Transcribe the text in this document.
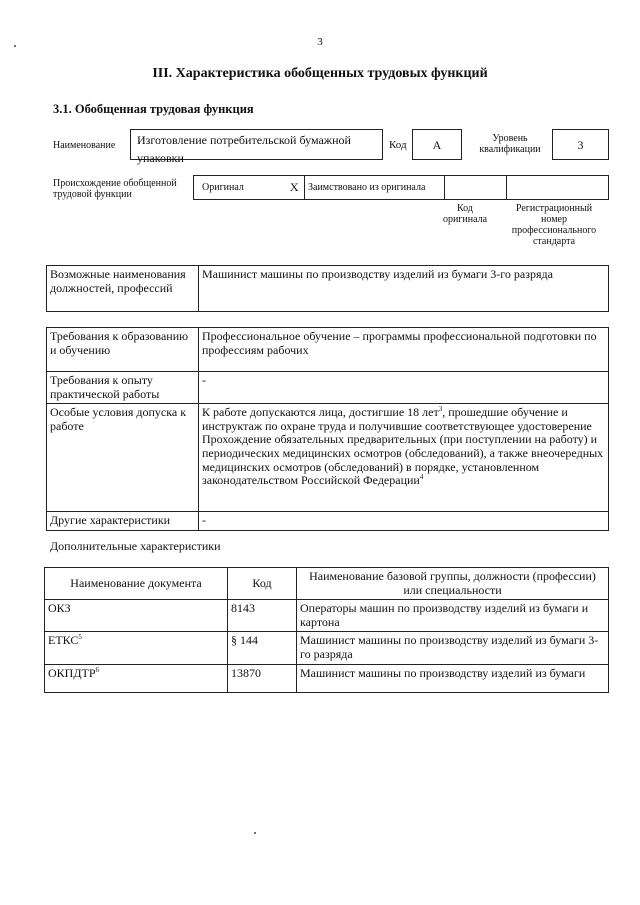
3
III. Характеристика обобщенных трудовых функций
3.1. Обобщенная трудовая функция
Наименование	Изготовление потребительской бумажной упаковки
Код	A	Уровень
квалификации	3
Происхождение обобщенной
трудовой функции
Оригинал	X	Заимствовано из оригинала		
Код
оригинала
Регистрационный
номер
профессионального
стандарта
Возможные наименования должностей, профессий	Машинист машины по производству изделий из бумаги 3-го разряда
Требования к образованию и обучению	Профессиональное обучение – программы профессиональной подготовки по профессиям рабочих
Требования к опыту практической работы	-
Особые условия допуска к работе	К работе допускаются лица, достигшие 18 лет$^3$, прошедшие обучение и инструктаж по охране труда и получившие соответствующее удостоверение
Прохождение обязательных предварительных (при поступлении на работу) и периодических медицинских осмотров (обследований), а также внеочередных медицинских осмотров (обследований) в порядке, установленном законодательством Российской Федерации$^4$

Другие характеристики	-
Дополнительные характеристики
Наименование документа	Код	Наименование базовой группы, должности (профессии) или специальности
ОКЗ	8143	Операторы машин по производству изделий из бумаги и картона
ЕТКС$^5$	§ 144	Машинист машины по производству изделий из бумаги 3-го разряда
ОКПДТР$^6$	13870	Машинист машины по производству изделий из бумаги
